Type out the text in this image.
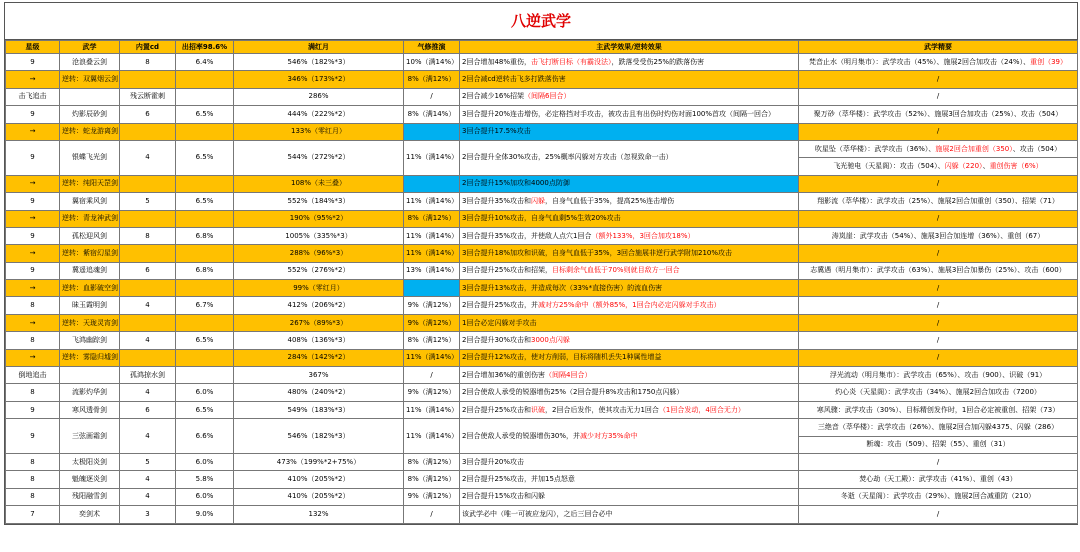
八逆武学
星级	武学	内置cd	出招率98.6%	满红月	气修推演	主武学效果/逆转效果	武学精要
9	沧浪叠云剑	8	6.4%	546%（182%*3）	10%（满14%）	2回合增加48%重伤，击飞打断目标（有霸没法），跌落受受伤25%的跌落伤害	梵音止水（明月集市）：武学攻击（45%）、施展2回合加攻击（24%）、重创（39）
→	逆转：双翼烟云剑			346%（173%*2）	8%（满12%）	2回合减cd逆转击飞多打跌落伤害	/
击飞追击		残云断霍刺		286%	/	2回合减少16%招架（间隔6回合）	/
9	灼影辰砂剑	6	6.5%	444%（222%*2）	8%（满14%）	3回合提升20%连击增伤，必定格挡对手攻击，被攻击且有出伤时灼伤对面100%首攻（间隔一回合）	聚万砂（萃华楼）：武学攻击（52%）、施展3回合加攻击（25%）、攻击（504）
→	逆转：蛇龙游离剑			133%（零红月）		3回合提升17.5%攻击	/
9	银蝶飞光剑	4	6.5%	544%（272%*2）	11%（满14%）	2回合提升全体30%攻击，25%概率闪躲对方攻击（忽视致命一击）	吹星坠（萃华楼）：武学攻击（36%）、施展2回合加重创（350）、攻击（504）
							飞光驰电（天星阁）：攻击（504）、闪躲（220）、重创伤害（6%）
→	逆转：纯阳天罡剑			108%（未三叠）		2回合提升15%加攻和4000点防御	/
9	翼宿乘风剑	5	6.5%	552%（184%*3）	11%（满14%）	3回合提升35%攻击和闪躲，自身气血低于35%，提高25%连击增伤	翔影流（萃华楼）：武学攻击（25%）、施展2回合加重创（350）、招架（71）
→	逆转：青龙神武剑			190%（95%*2）	8%（满12%）	3回合提升10%攻击，自身气血剩5%生效20%攻击	/
9	孤松迎风剑	8	6.8%	1005%（335%*3）	11%（满14%）	3回合提升35%攻击，并使敌人点穴1回合（额外133%，3回合加攻18%）	涛岚崖：武学攻击（54%）、施展3回合加连增（36%）、重创（67）
→	逆转：紫宿幻星剑			288%（96%*3）	11%（满14%）	3回合提升18%加攻和识破，自身气血低于35%，3回合施展非逆行武学附加210%攻击	/
9	冀遥追魂剑	6	6.8%	552%（276%*2）	13%（满14%）	3回合提升25%攻击和招架，目标剩余气血低于70%则就目敌方一回合	志冀遇（明月集市）：武学攻击（63%）、施展3回合加暴伤（25%）、攻击（600）
→	逆转：血影破空剑			99%（零红月）		3回合提升13%攻击，并造成每次（33%*直接伤害）的流血伤害	/
8	昧玉霞明剑	4	6.7%	412%（206%*2）	9%（满12%）	2回合提升25%攻击，并减对方25%命中（额外85%，1回合内必定闪躲对手攻击）	/
→	逆转：天珑灵宵剑			267%（89%*3）	9%（满12%）	1回合必定闪躲对手攻击	/
8	飞鸿幽踪剑	4	6.5%	408%（136%*3）	8%（满12%）	2回合提升30%攻击和3000点闪躲	/
→	逆转：雾隐归墟剑			284%（142%*2）	11%（满14%）	2回合提升12%攻击，使对方削弱，目标将随机丢失1种属性增益	/
倒地追击		孤鸿掠水剑		367%	/	2回合增加36%的重创伤害（间隔4回合）	浮光流动（明月集市）：武学攻击（65%）、攻击（900）、识破（91）
8	流影灼华剑	4	6.0%	480%（240%*2）	9%（满12%）	2回合使敌人承受的锐器增伤25%（2回合提升8%攻击和1750点闪躲）	灼心炎（天星阁）：武学攻击（34%）、施展2回合加攻击（7200）
9	寒风透骨剑	6	6.5%	549%（183%*3）	11%（满14%）	2回合提升25%攻击和识破，2回合后发作，使其攻击无力1回合（1回合发动，4回合无力）	寒风骤：武学攻击（30%）、目标精创发作时，1回合必定被重创、招架（73）
9	三弦画霜剑	4	6.6%	546%（182%*3）	11%（满14%）	2回合使敌人承受的锐器增伤30%，并减少对方35%命中	三绝音（萃华楼）：武学攻击（26%）、施展2回合加闪躲4375、闪躲（286）
							断魂：攻击（509）、招架（55）、重创（31）
8	太极阳炎剑	5	6.0%	473%（199%*2+75%）	8%（满12%）	3回合提升20%攻击	/
8	魁魄逐炎剑	4	5.8%	410%（205%*2）	8%（满12%）	2回合提升25%攻击，并加15点怒意	焚心劫（天工殿）：武学攻击（41%）、重创（43）
8	残阳融雪剑	4	6.0%	410%（205%*2）	9%（满12%）	2回合提升15%攻击和闪躲	冬逝（天星阁）：武学攻击（29%）、施展2回合减重防（210）
7	奕剑术	3	9.0%	132%	/	该武学必中（唯一可被应龙闪），之后三回合必中	/
